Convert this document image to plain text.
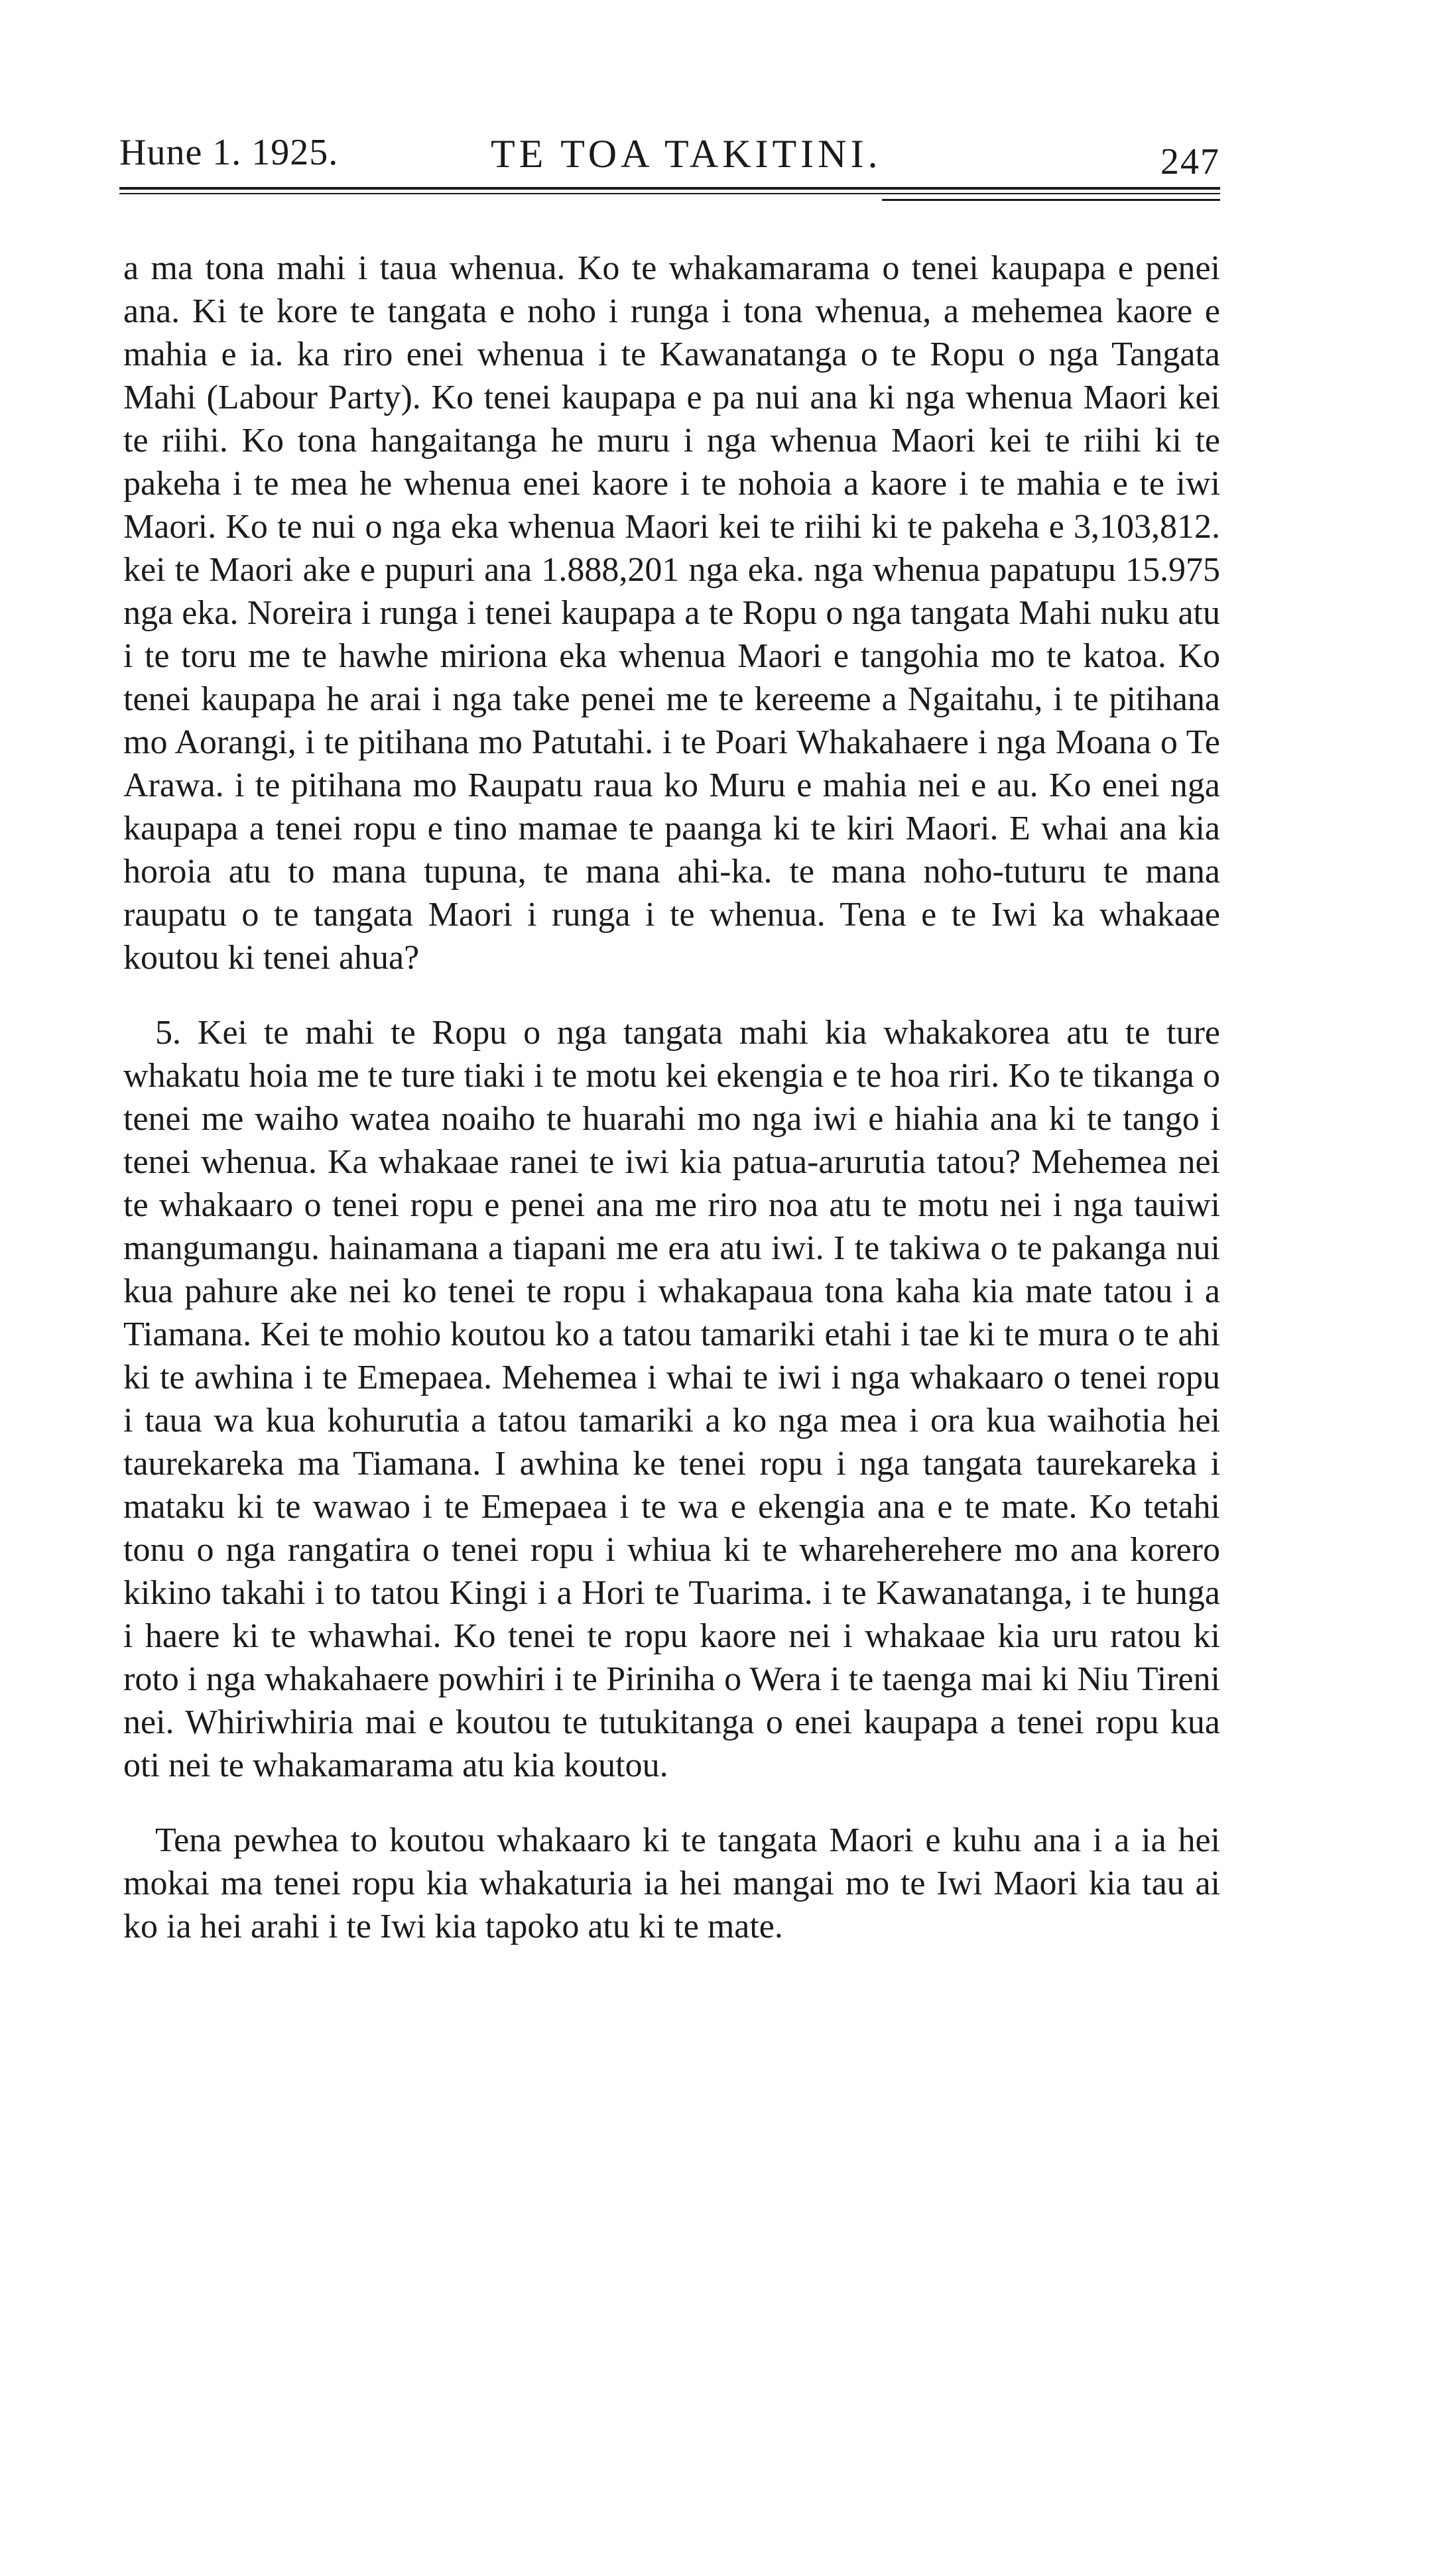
Hune 1. 1925.	TE TOA TAKITINI.	247

a ma tona mahi i taua whenua. Ko te whakamarama o tenei kaupapa e penei ana. Ki te kore te tangata e noho i runga i tona whenua, a mehemea kaore e mahia e ia. ka riro enei whenua i te Kawanatanga o te Ropu o nga Tangata Mahi (Labour Party). Ko tenei kaupapa e pa nui ana ki nga whenua Maori kei te riihi. Ko tona hangaitanga he muru i nga whenua Maori kei te riihi ki te pakeha i te mea he whenua enei kaore i te nohoia a kaore i te mahia e te iwi Maori. Ko te nui o nga eka whenua Maori kei te riihi ki te pakeha e 3,103,812. kei te Maori ake e pupuri ana 1.888,201 nga eka. nga whenua papatupu 15.975 nga eka. Noreira i runga i tenei kaupapa a te Ropu o nga tangata Mahi nuku atu i te toru me te hawhe miriona eka whenua Maori e tangohia mo te katoa. Ko tenei kaupapa he arai i nga take penei me te kereeme a Ngaitahu, i te pitihana mo Aorangi, i te pitihana mo Patutahi. i te Poari Whakahaere i nga Moana o Te Arawa. i te pitihana mo Raupatu raua ko Muru e mahia nei e au. Ko enei nga kaupapa a tenei ropu e tino mamae te paanga ki te kiri Maori. E whai ana kia horoia atu to mana tupuna, te mana ahi-ka. te mana noho-tuturu te mana raupatu o te tangata Maori i runga i te whenua. Tena e te Iwi ka whakaae koutou ki tenei ahua?

5. Kei te mahi te Ropu o nga tangata mahi kia whakakorea atu te ture whakatu hoia me te ture tiaki i te motu kei ekengia e te hoa riri. Ko te tikanga o tenei me waiho watea noaiho te huarahi mo nga iwi e hiahia ana ki te tango i tenei whenua. Ka whakaae ranei te iwi kia patua-arurutia tatou? Mehemea nei te whakaaro o tenei ropu e penei ana me riro noa atu te motu nei i nga tauiwi mangumangu. hainamana a tiapani me era atu iwi. I te takiwa o te pakanga nui kua pahure ake nei ko tenei te ropu i whakapaua tona kaha kia mate tatou i a Tiamana. Kei te mohio koutou ko a tatou tamariki etahi i tae ki te mura o te ahi ki te awhina i te Emepaea. Mehemea i whai te iwi i nga whakaaro o tenei ropu i taua wa kua kohurutia a tatou tamariki a ko nga mea i ora kua waihotia hei taurekareka ma Tiamana. I awhina ke tenei ropu i nga tangata taurekareka i mataku ki te wawao i te Emepaea i te wa e ekengia ana e te mate. Ko tetahi tonu o nga rangatira o tenei ropu i whiua ki te whareherehere mo ana korero kikino takahi i to tatou Kingi i a Hori te Tuarima. i te Kawanatanga, i te hunga i haere ki te whawhai. Ko tenei te ropu kaore nei i whakaae kia uru ratou ki roto i nga whakahaere powhiri i te Piriniha o Wera i te taenga mai ki Niu Tireni nei. Whiriwhiria mai e koutou te tutukitanga o enei kaupapa a tenei ropu kua oti nei te whakamarama atu kia koutou.

Tena pewhea to koutou whakaaro ki te tangata Maori e kuhu ana i a ia hei mokai ma tenei ropu kia whakaturia ia hei mangai mo te Iwi Maori kia tau ai ko ia hei arahi i te Iwi kia tapoko atu ki te mate.
